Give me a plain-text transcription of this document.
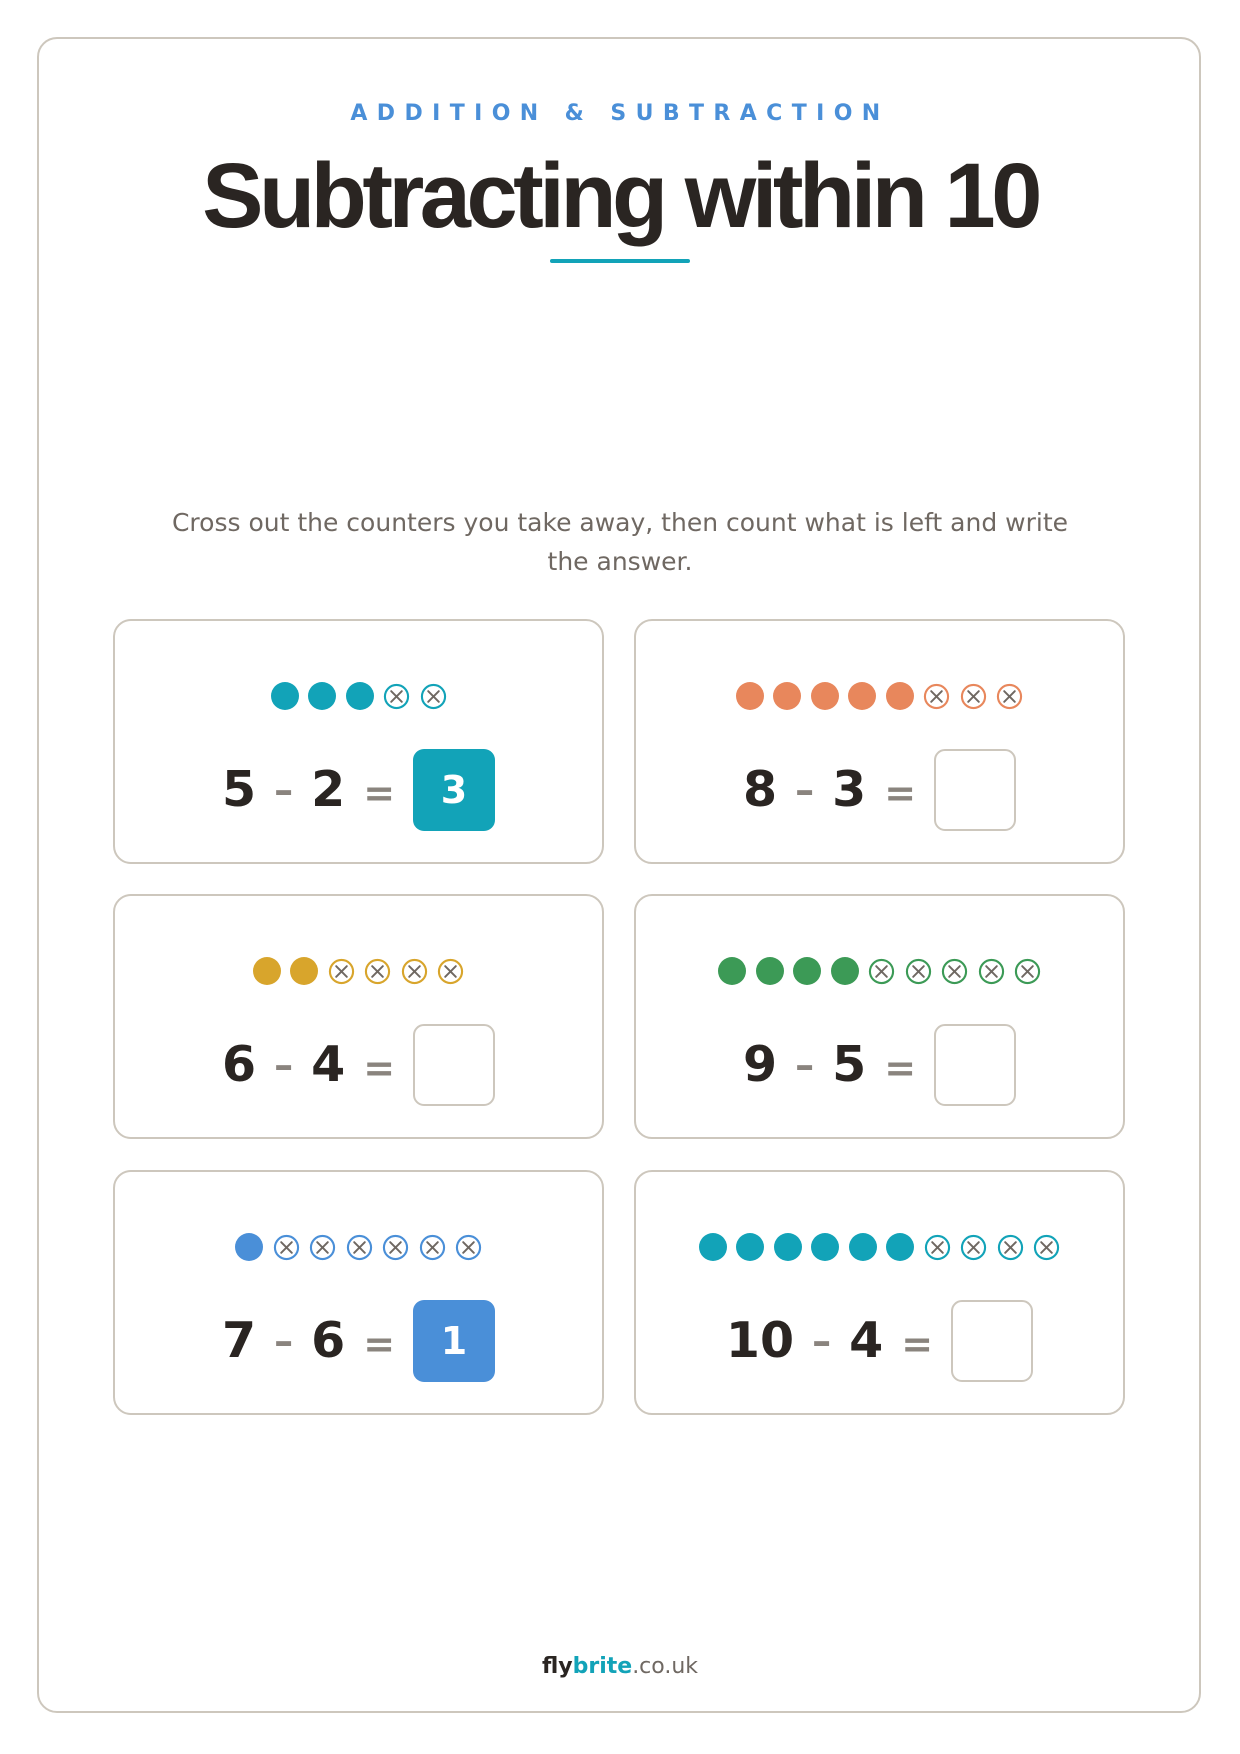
ADDITION & SUBTRACTION
Subtracting within 10
Cross out the counters you take away, then count what is left and write the answer.
5 – 2 =	3	8 – 3 =
6 – 4 =	9 – 5 =
7 – 6 =	1	10 – 4 =
flybrite.co.uk
